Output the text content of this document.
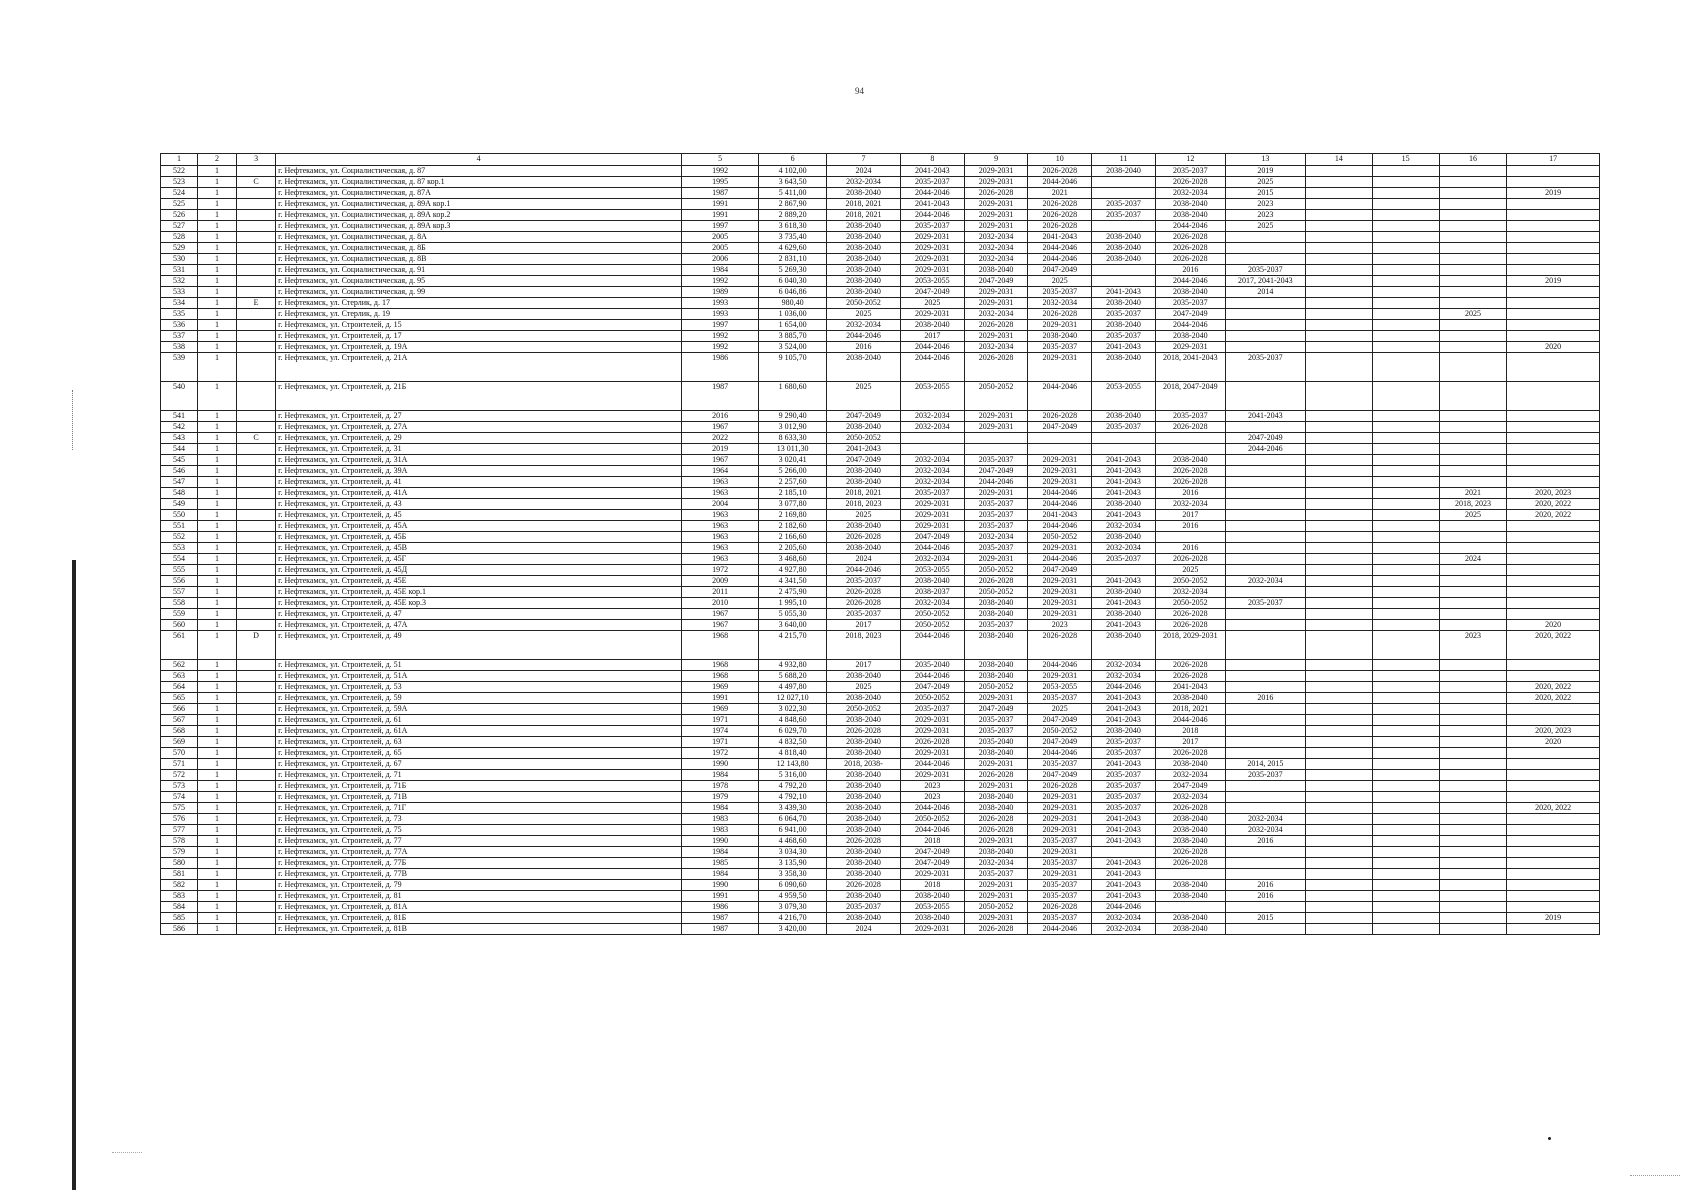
94
1	2	3	4	5	6	7	8	9	10	11	12	13	14	15	16	17
522	1		г. Нефтекамск, ул. Социалистическая, д. 87	1992	4 102,00	2024	2041-2043	2029-2031	2026-2028	2038-2040	2035-2037	2019				
523	1	С	г. Нефтекамск, ул. Социалистическая, д. 87 кор.1	1995	3 643,50	2032-2034	2035-2037	2029-2031	2044-2046		2026-2028	2025				
524	1		г. Нефтекамск, ул. Социалистическая, д. 87А	1987	5 411,00	2038-2040	2044-2046	2026-2028	2021		2032-2034	2015				2019
525	1		г. Нефтекамск, ул. Социалистическая, д. 89А кор.1	1991	2 867,90	2018, 2021	2041-2043	2029-2031	2026-2028	2035-2037	2038-2040	2023				
526	1		г. Нефтекамск, ул. Социалистическая, д. 89А кор.2	1991	2 889,20	2018, 2021	2044-2046	2029-2031	2026-2028	2035-2037	2038-2040	2023				
527	1		г. Нефтекамск, ул. Социалистическая, д. 89А кор.3	1997	3 618,30	2038-2040	2035-2037	2029-2031	2026-2028		2044-2046	2025				
528	1		г. Нефтекамск, ул. Социалистическая, д. 8А	2005	3 735,40	2038-2040	2029-2031	2032-2034	2041-2043	2038-2040	2026-2028					
529	1		г. Нефтекамск, ул. Социалистическая, д. 8Б	2005	4 629,60	2038-2040	2029-2031	2032-2034	2044-2046	2038-2040	2026-2028					
530	1		г. Нефтекамск, ул. Социалистическая, д. 8В	2006	2 831,10	2038-2040	2029-2031	2032-2034	2044-2046	2038-2040	2026-2028					
531	1		г. Нефтекамск, ул. Социалистическая, д. 91	1984	5 269,30	2038-2040	2029-2031	2038-2040	2047-2049		2016	2035-2037				
532	1		г. Нефтекамск, ул. Социалистическая, д. 95	1992	6 040,30	2038-2040	2053-2055	2047-2049	2025		2044-2046	2017, 2041-2043				2019
533	1		г. Нефтекамск, ул. Социалистическая, д. 99	1989	6 046,86	2038-2040	2047-2049	2029-2031	2035-2037	2041-2043	2038-2040	2014				
534	1	Е	г. Нефтекамск, ул. Стерлик, д. 17	1993	980,40	2050-2052	2025	2029-2031	2032-2034	2038-2040	2035-2037					
535	1		г. Нефтекамск, ул. Стерлик, д. 19	1993	1 036,00	2025	2029-2031	2032-2034	2026-2028	2035-2037	2047-2049				2025	
536	1		г. Нефтекамск, ул. Строителей, д. 15	1997	1 654,00	2032-2034	2038-2040	2026-2028	2029-2031	2038-2040	2044-2046					
537	1		г. Нефтекамск, ул. Строителей, д. 17	1992	3 885,70	2044-2046	2017	2029-2031	2038-2040	2035-2037	2038-2040					
538	1		г. Нефтекамск, ул. Строителей, д. 19А	1992	3 524,00	2016	2044-2046	2032-2034	2035-2037	2041-2043	2029-2031					2020
539	1		г. Нефтекамск, ул. Строителей, д. 21А	1986	9 105,70	2038-2040	2044-2046	2026-2028	2029-2031	2038-2040	2018, 2041-2043	2035-2037				
540	1		г. Нефтекамск, ул. Строителей, д. 21Б	1987	1 680,60	2025	2053-2055	2050-2052	2044-2046	2053-2055	2018, 2047-2049					
541	1		г. Нефтекамск, ул. Строителей, д. 27	2016	9 290,40	2047-2049	2032-2034	2029-2031	2026-2028	2038-2040	2035-2037	2041-2043				
542	1		г. Нефтекамск, ул. Строителей, д. 27А	1967	3 012,90	2038-2040	2032-2034	2029-2031	2047-2049	2035-2037	2026-2028					
543	1	С	г. Нефтекамск, ул. Строителей, д. 29	2022	8 633,30	2050-2052						2047-2049				
544	1		г. Нефтекамск, ул. Строителей, д. 31	2019	13 011,30	2041-2043						2044-2046				
545	1		г. Нефтекамск, ул. Строителей, д. 31А	1967	3 020,41	2047-2049	2032-2034	2035-2037	2029-2031	2041-2043	2038-2040					
546	1		г. Нефтекамск, ул. Строителей, д. 39А	1964	5 266,00	2038-2040	2032-2034	2047-2049	2029-2031	2041-2043	2026-2028					
547	1		г. Нефтекамск, ул. Строителей, д. 41	1963	2 257,60	2038-2040	2032-2034	2044-2046	2029-2031	2041-2043	2026-2028					
548	1		г. Нефтекамск, ул. Строителей, д. 41А	1963	2 185,10	2018, 2021	2035-2037	2029-2031	2044-2046	2041-2043	2016				2021	2020, 2023
549	1		г. Нефтекамск, ул. Строителей, д. 43	2004	3 077,80	2018, 2023	2029-2031	2035-2037	2044-2046	2038-2040	2032-2034				2018, 2023	2020, 2022
550	1		г. Нефтекамск, ул. Строителей, д. 45	1963	2 169,80	2025	2029-2031	2035-2037	2041-2043	2041-2043	2017				2025	2020, 2022
551	1		г. Нефтекамск, ул. Строителей, д. 45А	1963	2 182,60	2038-2040	2029-2031	2035-2037	2044-2046	2032-2034	2016					
552	1		г. Нефтекамск, ул. Строителей, д. 45Б	1963	2 166,60	2026-2028	2047-2049	2032-2034	2050-2052	2038-2040						
553	1		г. Нефтекамск, ул. Строителей, д. 45В	1963	2 205,60	2038-2040	2044-2046	2035-2037	2029-2031	2032-2034	2016					
554	1		г. Нефтекамск, ул. Строителей, д. 45Г	1963	3 468,60	2024	2032-2034	2029-2031	2044-2046	2035-2037	2026-2028				2024	
555	1		г. Нефтекамск, ул. Строителей, д. 45Д	1972	4 927,80	2044-2046	2053-2055	2050-2052	2047-2049		2025					
556	1		г. Нефтекамск, ул. Строителей, д. 45Е	2009	4 341,50	2035-2037	2038-2040	2026-2028	2029-2031	2041-2043	2050-2052	2032-2034				
557	1		г. Нефтекамск, ул. Строителей, д. 45Е кор.1	2011	2 475,90	2026-2028	2038-2037	2050-2052	2029-2031	2038-2040	2032-2034					
558	1		г. Нефтекамск, ул. Строителей, д. 45Е кор.3	2010	1 995,10	2026-2028	2032-2034	2038-2040	2029-2031	2041-2043	2050-2052	2035-2037				
559	1		г. Нефтекамск, ул. Строителей, д. 47	1967	5 055,30	2035-2037	2050-2052	2038-2040	2029-2031	2038-2040	2026-2028					
560	1		г. Нефтекамск, ул. Строителей, д. 47А	1967	3 640,00	2017	2050-2052	2035-2037	2023	2041-2043	2026-2028					2020
561	1	D	г. Нефтекамск, ул. Строителей, д. 49	1968	4 215,70	2018, 2023	2044-2046	2038-2040	2026-2028	2038-2040	2018, 2029-2031				2023	2020, 2022
562	1		г. Нефтекамск, ул. Строителей, д. 51	1968	4 932,80	2017	2035-2040	2038-2040	2044-2046	2032-2034	2026-2028					
563	1		г. Нефтекамск, ул. Строителей, д. 51А	1968	5 688,20	2038-2040	2044-2046	2038-2040	2029-2031	2032-2034	2026-2028					
564	1		г. Нефтекамск, ул. Строителей, д. 53	1969	4 497,80	2025	2047-2049	2050-2052	2053-2055	2044-2046	2041-2043					2020, 2022
565	1		г. Нефтекамск, ул. Строителей, д. 59	1991	12 027,10	2038-2040	2050-2052	2029-2031	2035-2037	2041-2043	2038-2040	2016				2020, 2022
566	1		г. Нефтекамск, ул. Строителей, д. 59А	1969	3 022,30	2050-2052	2035-2037	2047-2049	2025	2041-2043	2018, 2021					
567	1		г. Нефтекамск, ул. Строителей, д. 61	1971	4 848,60	2038-2040	2029-2031	2035-2037	2047-2049	2041-2043	2044-2046					
568	1		г. Нефтекамск, ул. Строителей, д. 61А	1974	6 029,70	2026-2028	2029-2031	2035-2037	2050-2052	2038-2040	2018					2020, 2023
569	1		г. Нефтекамск, ул. Строителей, д. 63	1971	4 832,50	2038-2040	2026-2028	2035-2040	2047-2049	2035-2037	2017					2020
570	1		г. Нефтекамск, ул. Строителей, д. 65	1972	4 818,40	2038-2040	2029-2031	2038-2040	2044-2046	2035-2037	2026-2028					
571	1		г. Нефтекамск, ул. Строителей, д. 67	1990	12 143,80	2018, 2038-	2044-2046	2029-2031	2035-2037	2041-2043	2038-2040	2014, 2015				
572	1		г. Нефтекамск, ул. Строителей, д. 71	1984	5 316,00	2038-2040	2029-2031	2026-2028	2047-2049	2035-2037	2032-2034	2035-2037				
573	1		г. Нефтекамск, ул. Строителей, д. 71Б	1978	4 792,20	2038-2040	2023	2029-2031	2026-2028	2035-2037	2047-2049					
574	1		г. Нефтекамск, ул. Строителей, д. 71В	1979	4 792,10	2038-2040	2023	2038-2040	2029-2031	2035-2037	2032-2034					
575	1		г. Нефтекамск, ул. Строителей, д. 71Г	1984	3 439,30	2038-2040	2044-2046	2038-2040	2029-2031	2035-2037	2026-2028					2020, 2022
576	1		г. Нефтекамск, ул. Строителей, д. 73	1983	6 064,70	2038-2040	2050-2052	2026-2028	2029-2031	2041-2043	2038-2040	2032-2034				
577	1		г. Нефтекамск, ул. Строителей, д. 75	1983	6 941,00	2038-2040	2044-2046	2026-2028	2029-2031	2041-2043	2038-2040	2032-2034				
578	1		г. Нефтекамск, ул. Строителей, д. 77	1990	4 468,60	2026-2028	2018	2029-2031	2035-2037	2041-2043	2038-2040	2016				
579	1		г. Нефтекамск, ул. Строителей, д. 77А	1984	3 034,30	2038-2040	2047-2049	2038-2040	2029-2031		2026-2028					
580	1		г. Нефтекамск, ул. Строителей, д. 77Б	1985	3 135,90	2038-2040	2047-2049	2032-2034	2035-2037	2041-2043	2026-2028					
581	1		г. Нефтекамск, ул. Строителей, д. 77В	1984	3 358,30	2038-2040	2029-2031	2035-2037	2029-2031	2041-2043						
582	1		г. Нефтекамск, ул. Строителей, д. 79	1990	6 090,60	2026-2028	2018	2029-2031	2035-2037	2041-2043	2038-2040	2016				
583	1		г. Нефтекамск, ул. Строителей, д. 81	1991	4 959,50	2038-2040	2038-2040	2029-2031	2035-2037	2041-2043	2038-2040	2016				
584	1		г. Нефтекамск, ул. Строителей, д. 81А	1986	3 079,30	2035-2037	2053-2055	2050-2052	2026-2028	2044-2046						
585	1		г. Нефтекамск, ул. Строителей, д. 81Б	1987	4 216,70	2038-2040	2038-2040	2029-2031	2035-2037	2032-2034	2038-2040	2015				2019
586	1		г. Нефтекамск, ул. Строителей, д. 81В	1987	3 420,00	2024	2029-2031	2026-2028	2044-2046	2032-2034	2038-2040					
